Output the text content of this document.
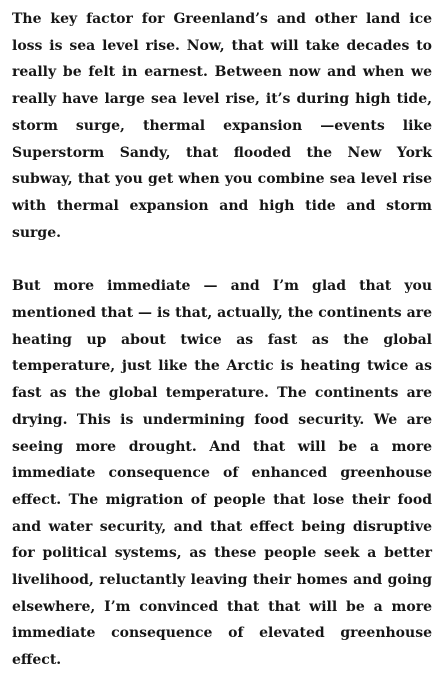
The key factor for Greenland’s and other land ice loss is sea level rise. Now, that will take decades to really be felt in earnest. Between now and when we really have large sea level rise, it’s during high tide, storm surge, thermal expansion —events like Superstorm Sandy, that flooded the New York subway, that you get when you combine sea level rise with thermal expansion and high tide and storm surge.

But more immediate — and I’m glad that you mentioned that — is that, actually, the continents are heating up about twice as fast as the global temperature, just like the Arctic is heating twice as fast as the global temperature. The continents are drying. This is undermining food security. We are seeing more drought. And that will be a more immediate consequence of enhanced greenhouse effect. The migration of people that lose their food and water security, and that effect being disruptive for political systems, as these people seek a better livelihood, reluctantly leaving their homes and going elsewhere, I’m convinced that that will be a more immediate consequence of elevated greenhouse effect.
